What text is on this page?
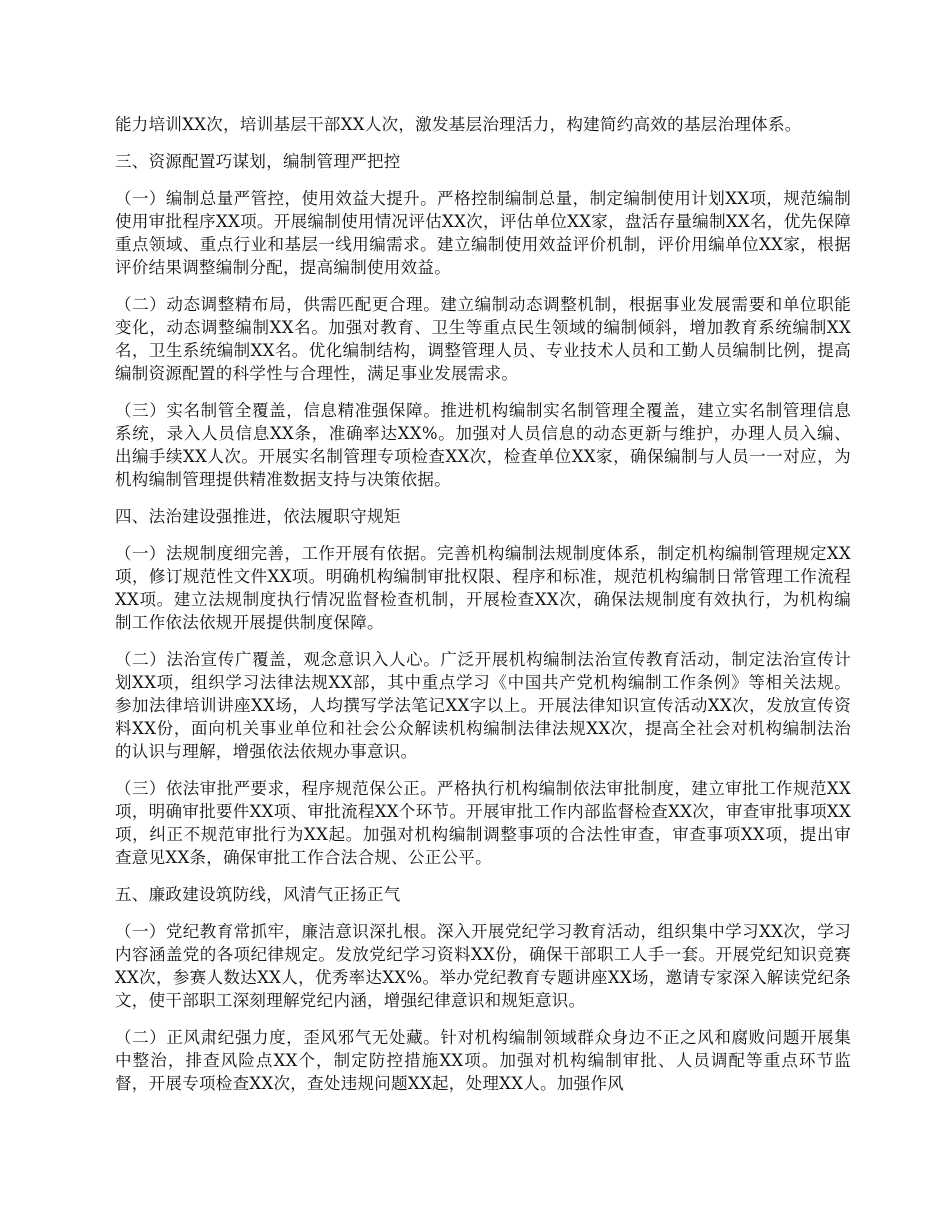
能力培训XX次，培训基层干部XX人次，激发基层治理活力，构建简约高效的基层治理体系。

三、资源配置巧谋划，编制管理严把控

（一）编制总量严管控，使用效益大提升。严格控制编制总量，制定编制使用计划XX项，规范编制使用审批程序XX项。开展编制使用情况评估XX次，评估单位XX家，盘活存量编制XX名，优先保障重点领域、重点行业和基层一线用编需求。建立编制使用效益评价机制，评价用编单位XX家，根据评价结果调整编制分配，提高编制使用效益。

（二）动态调整精布局，供需匹配更合理。建立编制动态调整机制，根据事业发展需要和单位职能变化，动态调整编制XX名。加强对教育、卫生等重点民生领域的编制倾斜，增加教育系统编制XX名，卫生系统编制XX名。优化编制结构，调整管理人员、专业技术人员和工勤人员编制比例，提高编制资源配置的科学性与合理性，满足事业发展需求。

（三）实名制管全覆盖，信息精准强保障。推进机构编制实名制管理全覆盖，建立实名制管理信息系统，录入人员信息XX条，准确率达XX%。加强对人员信息的动态更新与维护，办理人员入编、出编手续XX人次。开展实名制管理专项检查XX次，检查单位XX家，确保编制与人员一一对应，为机构编制管理提供精准数据支持与决策依据。

四、法治建设强推进，依法履职守规矩

（一）法规制度细完善，工作开展有依据。完善机构编制法规制度体系，制定机构编制管理规定XX项，修订规范性文件XX项。明确机构编制审批权限、程序和标准，规范机构编制日常管理工作流程XX项。建立法规制度执行情况监督检查机制，开展检查XX次，确保法规制度有效执行，为机构编制工作依法依规开展提供制度保障。

（二）法治宣传广覆盖，观念意识入人心。广泛开展机构编制法治宣传教育活动，制定法治宣传计划XX项，组织学习法律法规XX部，其中重点学习《中国共产党机构编制工作条例》等相关法规。参加法律培训讲座XX场，人均撰写学法笔记XX字以上。开展法律知识宣传活动XX次，发放宣传资料XX份，面向机关事业单位和社会公众解读机构编制法律法规XX次，提高全社会对机构编制法治的认识与理解，增强依法依规办事意识。

（三）依法审批严要求，程序规范保公正。严格执行机构编制依法审批制度，建立审批工作规范XX项，明确审批要件XX项、审批流程XX个环节。开展审批工作内部监督检查XX次，审查审批事项XX项，纠正不规范审批行为XX起。加强对机构编制调整事项的合法性审查，审查事项XX项，提出审查意见XX条，确保审批工作合法合规、公正公平。

五、廉政建设筑防线，风清气正扬正气

（一）党纪教育常抓牢，廉洁意识深扎根。深入开展党纪学习教育活动，组织集中学习XX次，学习内容涵盖党的各项纪律规定。发放党纪学习资料XX份，确保干部职工人手一套。开展党纪知识竞赛XX次，参赛人数达XX人，优秀率达XX%。举办党纪教育专题讲座XX场，邀请专家深入解读党纪条文，使干部职工深刻理解党纪内涵，增强纪律意识和规矩意识。

（二）正风肃纪强力度，歪风邪气无处藏。针对机构编制领域群众身边不正之风和腐败问题开展集中整治，排查风险点XX个，制定防控措施XX项。加强对机构编制审批、人员调配等重点环节监督，开展专项检查XX次，查处违规问题XX起，处理XX人。加强作风
